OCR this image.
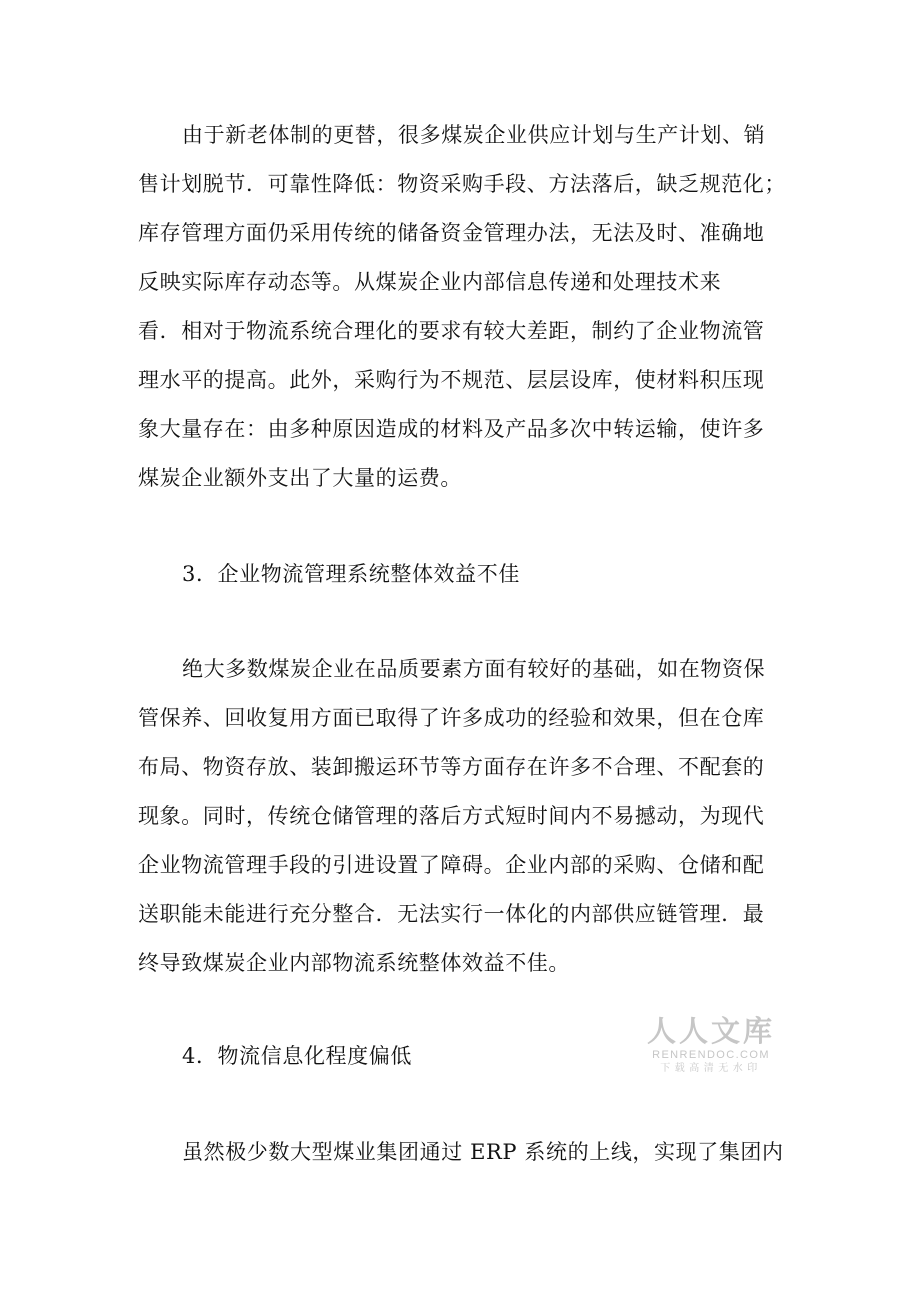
由于新老体制的更替，很多煤炭企业供应计划与生产计划、销
售计划脱节．可靠性降低：物资采购手段、方法落后，缺乏规范化；
库存管理方面仍采用传统的储备资金管理办法，无法及时、准确地
反映实际库存动态等。从煤炭企业内部信息传递和处理技术来
看．相对于物流系统合理化的要求有较大差距，制约了企业物流管
理水平的提高。此外，采购行为不规范、层层设库，使材料积压现
象大量存在：由多种原因造成的材料及产品多次中转运输，使许多
煤炭企业额外支出了大量的运费。
3．企业物流管理系统整体效益不佳
绝大多数煤炭企业在品质要素方面有较好的基础，如在物资保
管保养、回收复用方面已取得了许多成功的经验和效果，但在仓库
布局、物资存放、装卸搬运环节等方面存在许多不合理、不配套的
现象。同时，传统仓储管理的落后方式短时间内不易撼动，为现代
企业物流管理手段的引进设置了障碍。企业内部的采购、仓储和配
送职能未能进行充分整合．无法实行一体化的内部供应链管理．最
终导致煤炭企业内部物流系统整体效益不佳。
4．物流信息化程度偏低
虽然极少数大型煤业集团通过 ERP 系统的上线，实现了集团内
人人文库
RENRENDOC.COM
下载高清无水印
